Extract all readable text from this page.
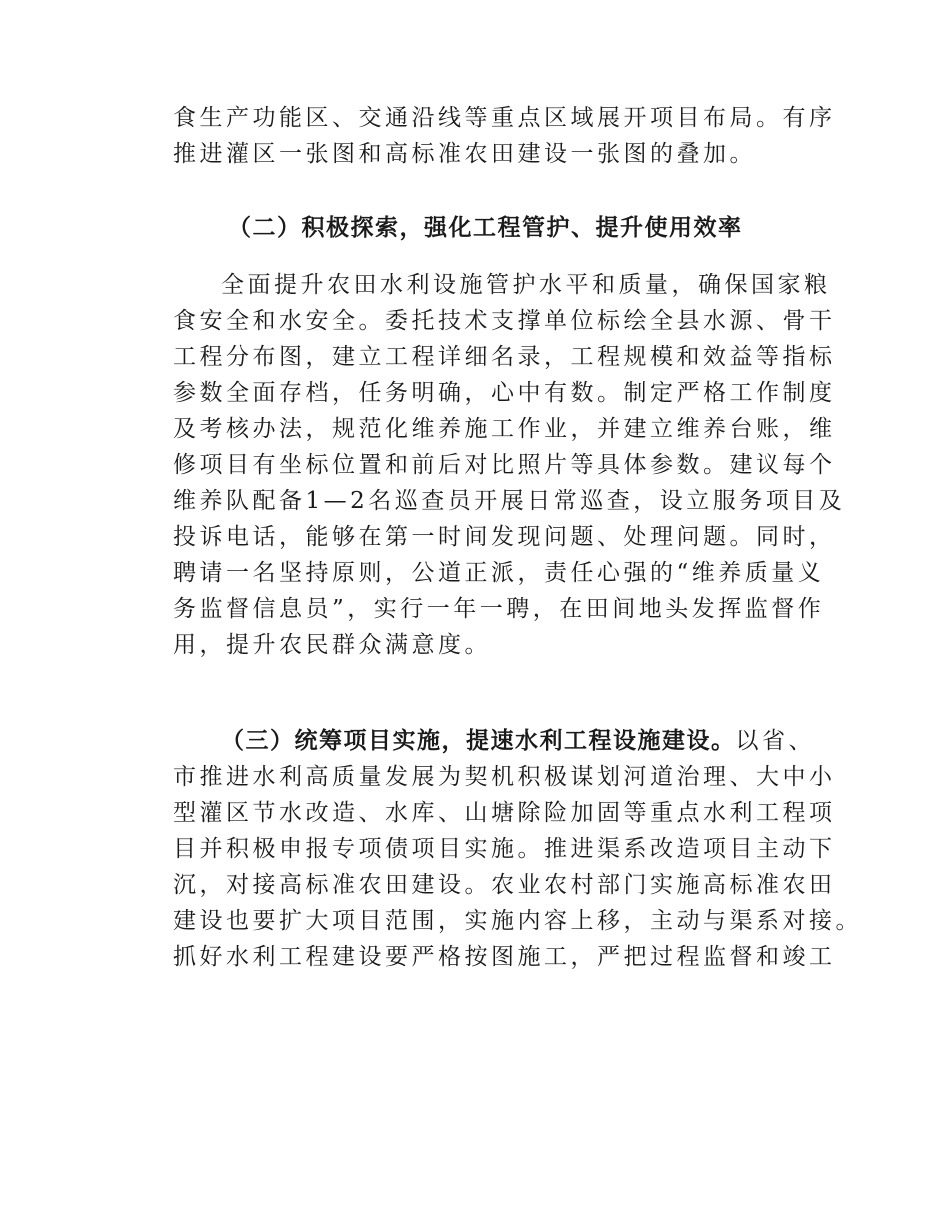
食生产功能区、交通沿线等重点区域展开项目布局。有序
推进灌区一张图和高标准农田建设一张图的叠加。
（二）积极探索，强化工程管护、提升使用效率
全面提升农田水利设施管护水平和质量，确保国家粮
食安全和水安全。委托技术支撑单位标绘全县水源、骨干
工程分布图，建立工程详细名录，工程规模和效益等指标
参数全面存档，任务明确，心中有数。制定严格工作制度
及考核办法，规范化维养施工作业，并建立维养台账，维
修项目有坐标位置和前后对比照片等具体参数。建议每个
维养队配备1—2名巡查员开展日常巡查，设立服务项目及
投诉电话，能够在第一时间发现问题、处理问题。同时，
聘请一名坚持原则，公道正派，责任心强的“维养质量义
务监督信息员”，实行一年一聘，在田间地头发挥监督作
用，提升农民群众满意度。
（三）统筹项目实施，提速水利工程设施建设。以省、
市推进水利高质量发展为契机积极谋划河道治理、大中小
型灌区节水改造、水库、山塘除险加固等重点水利工程项
目并积极申报专项债项目实施。推进渠系改造项目主动下
沉，对接高标准农田建设。农业农村部门实施高标准农田
建设也要扩大项目范围，实施内容上移，主动与渠系对接。
抓好水利工程建设要严格按图施工，严把过程监督和竣工
